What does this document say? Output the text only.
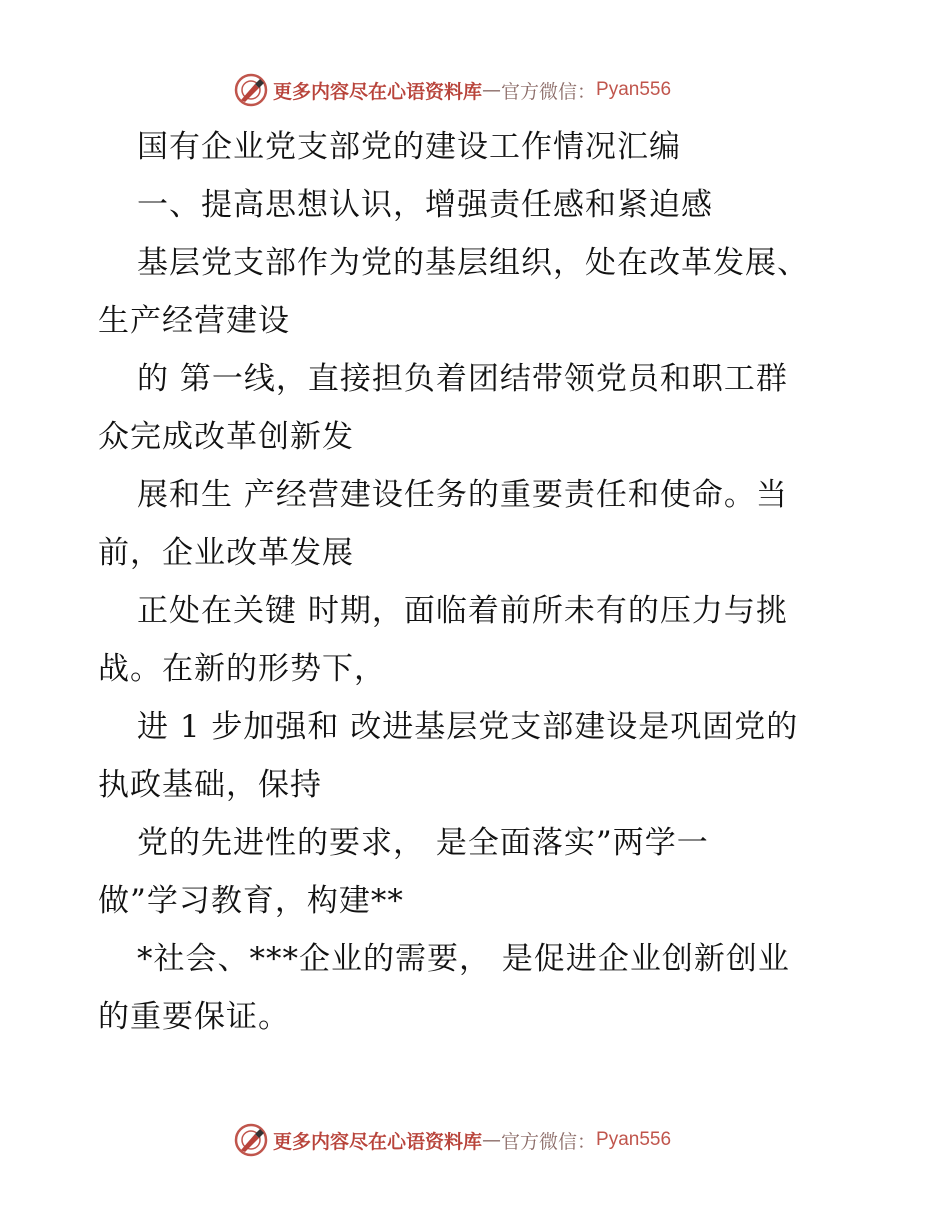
更多内容尽在心语资料库 — 官方微信： Pyan556
国有企业党支部党的建设工作情况汇编
一、提高思想认识，增强责任感和紧迫感
基层党支部作为党的基层组织，处在改革发展、
生产经营建设
的 第一线，直接担负着团结带领党员和职工群
众完成改革创新发
展和生 产经营建设任务的重要责任和使命。当
前，企业改革发展
正处在关键 时期，面临着前所未有的压力与挑
战。在新的形势下，
进 1 步加强和 改进基层党支部建设是巩固党的
执政基础，保持
党的先进性的要求， 是全面落实”两学一
做”学习教育，构建**
*社会、***企业的需要， 是促进企业创新创业
的重要保证。
更多内容尽在心语资料库 — 官方微信： Pyan556
